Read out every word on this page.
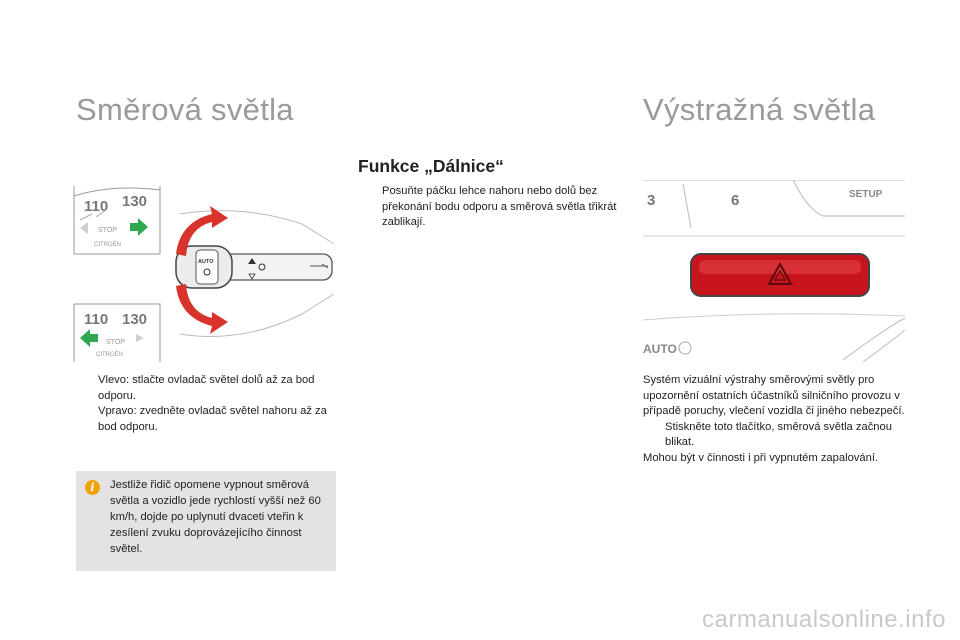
Směrová světla	Výstražná světla
110 130
STOP
CITROËN
110 130
STOP
CITROËN
AUTO
Vlevo: stlačte ovladač světel dolů až za bod odporu.
Vpravo: zvedněte ovladač světel nahoru až za bod odporu.
i	Jestliže řidič opomene vypnout směrová světla a vozidlo jede rychlostí vyšší než 60 km/h, dojde po uplynutí dvaceti vteřin k zesílení zvuku doprovázejícího činnost světel.

Funkce „Dálnice“
Posuňte páčku lehce nahoru nebo dolů bez překonání bodu odporu a směrová světla třikrát zablikají.
3	6	SETUP
AUTO

Systém vizuální výstrahy směrovými světly pro upozornění ostatních účastníků silničního provozu v případě poruchy, vlečení vozidla či jiného nebezpečí.

Stiskněte toto tlačítko, směrová světla začnou blikat.

Mohou být v činnosti i při vypnutém zapalování.

carmanualsonline.info
